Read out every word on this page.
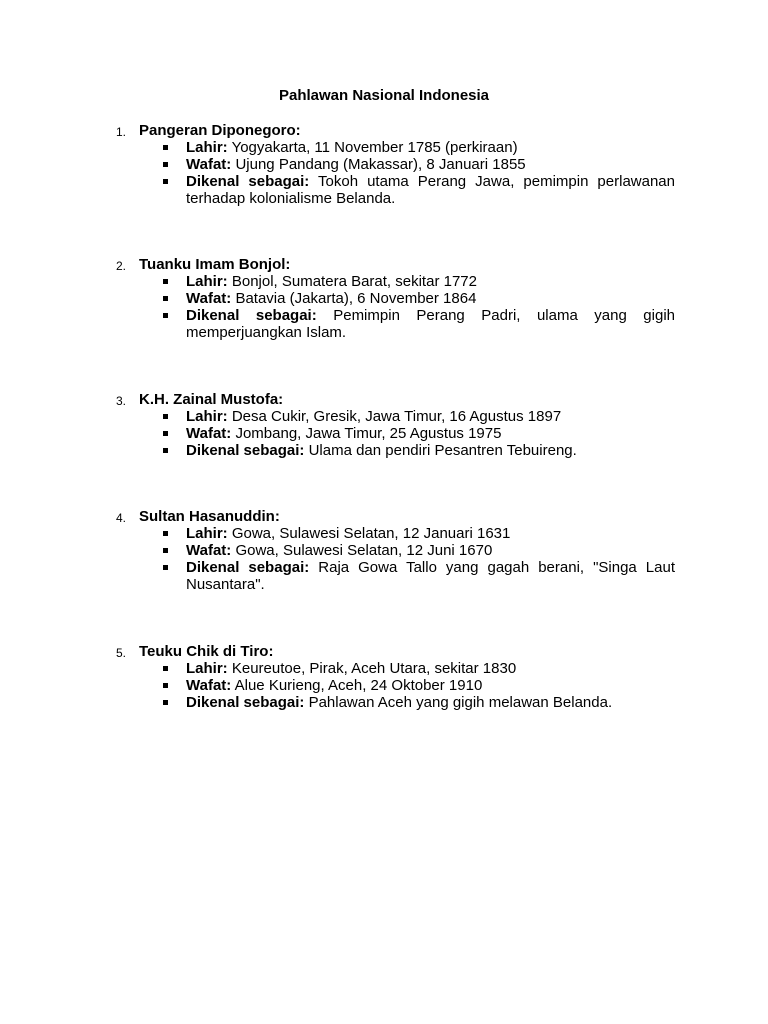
Pahlawan Nasional Indonesia
1. Pangeran Diponegoro:
Lahir: Yogyakarta, 11 November 1785 (perkiraan)
Wafat: Ujung Pandang (Makassar), 8 Januari 1855
Dikenal sebagai: Tokoh utama Perang Jawa, pemimpin perlawanan terhadap kolonialisme Belanda.
2. Tuanku Imam Bonjol:
Lahir: Bonjol, Sumatera Barat, sekitar 1772
Wafat: Batavia (Jakarta), 6 November 1864
Dikenal sebagai: Pemimpin Perang Padri, ulama yang gigih memperjuangkan Islam.
3. K.H. Zainal Mustofa:
Lahir: Desa Cukir, Gresik, Jawa Timur, 16 Agustus 1897
Wafat: Jombang, Jawa Timur, 25 Agustus 1975
Dikenal sebagai: Ulama dan pendiri Pesantren Tebuireng.
4. Sultan Hasanuddin:
Lahir: Gowa, Sulawesi Selatan, 12 Januari 1631
Wafat: Gowa, Sulawesi Selatan, 12 Juni 1670
Dikenal sebagai: Raja Gowa Tallo yang gagah berani, "Singa Laut Nusantara".
5. Teuku Chik di Tiro:
Lahir: Keureutoe, Pirak, Aceh Utara, sekitar 1830
Wafat: Alue Kurieng, Aceh, 24 Oktober 1910
Dikenal sebagai: Pahlawan Aceh yang gigih melawan Belanda.
